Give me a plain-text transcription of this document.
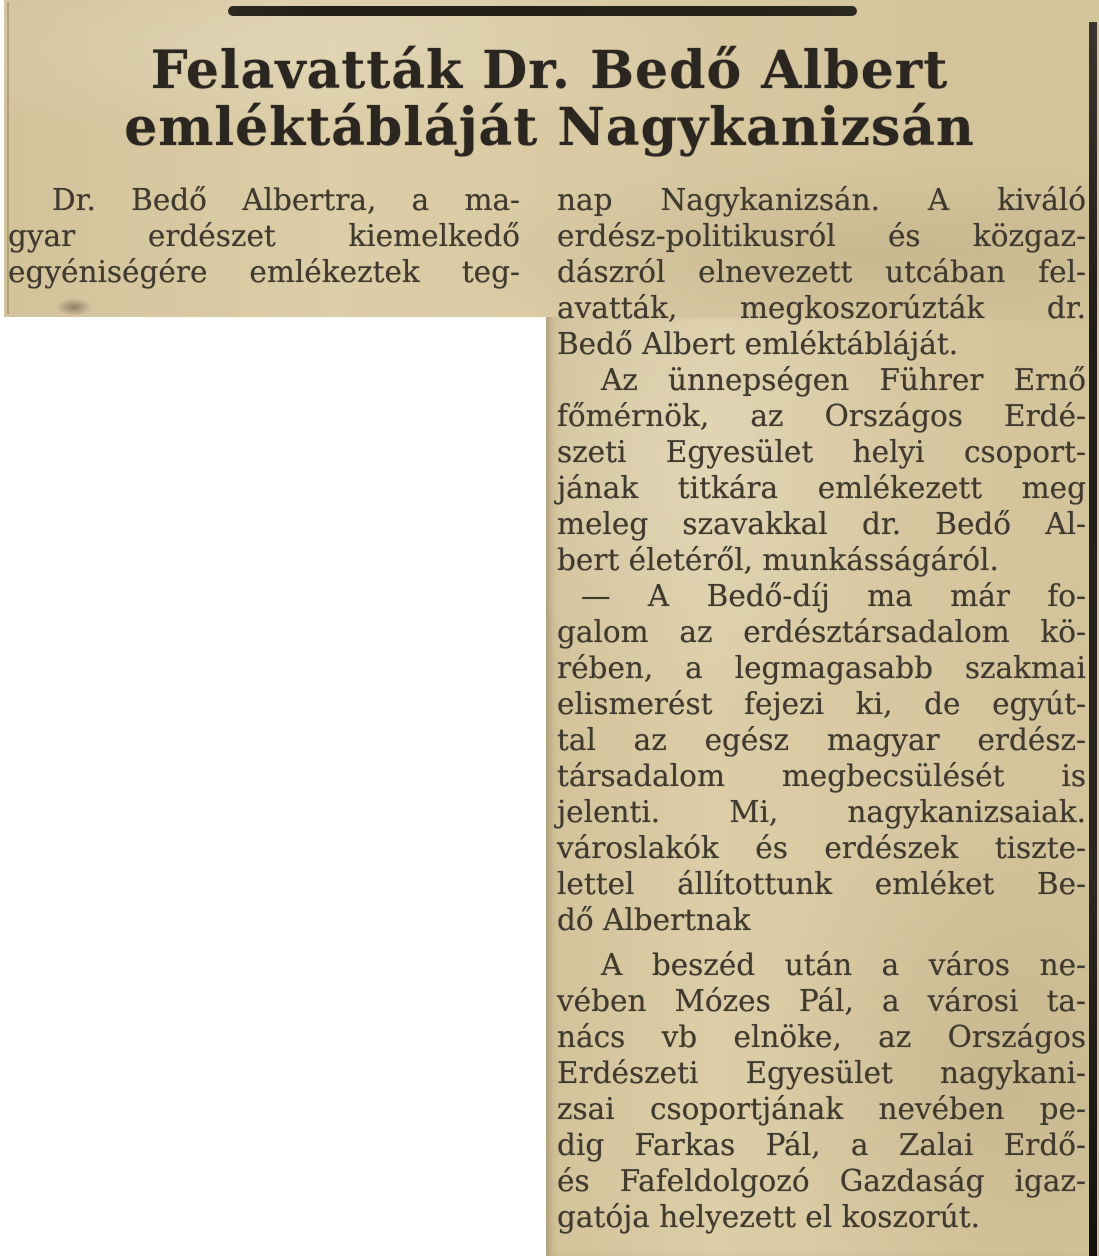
Felavatták Dr. Bedő Albert
emléktábláját Nagykanizsán
Dr. Bedő Albertra, a ma-
gyar erdészet kiemelkedő
egyéniségére emlékeztek teg-
nap Nagykanizsán. A kiváló
erdész-politikusról és közgaz-
dászról elnevezett utcában fel-
avatták, megkoszorúzták dr.
Bedő Albert emléktábláját.
Az ünnepségen Führer Ernő
főmérnök, az Országos Erdé-
szeti Egyesület helyi csoport-
jának titkára emlékezett meg
meleg szavakkal dr. Bedő Al-
bert életéről, munkásságáról.
— A Bedő-díj ma már fo-
galom az erdésztársadalom kö-
rében, a legmagasabb szakmai
elismerést fejezi ki, de egyút-
tal az egész magyar erdész-
társadalom megbecsülését is
jelenti. Mi, nagykanizsaiak.
városlakók és erdészek tiszte-
lettel állítottunk emléket Be-
dő Albertnak
A beszéd után a város ne-
vében Mózes Pál, a városi ta-
nács vb elnöke, az Országos
Erdészeti Egyesület nagykani-
zsai csoportjának nevében pe-
dig Farkas Pál, a Zalai Erdő-
és Fafeldolgozó Gazdaság igaz-
gatója helyezett el koszorút.
